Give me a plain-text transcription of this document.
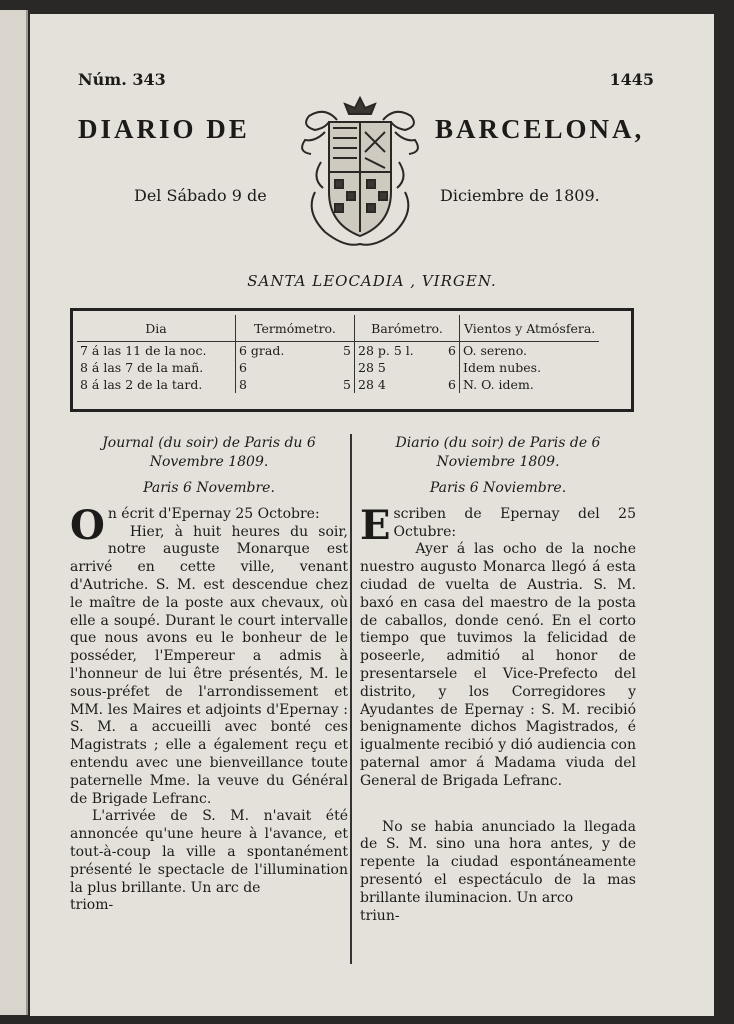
Núm. 343	1445
DIARIO DE	BARCELONA,
Del Sábado 9 de	Diciembre de 1809.
SANTA LEOCADIA , VIRGEN.
Dia	Termómetro.		Barómetro.		Vientos y Atmósfera.
7 á las 11 de la noc.	6 grad.	5	28 p. 5 l.	6	O. sereno.
8 á las 7 de la mañ.	6		28 5		Idem nubes.
8 á las 2 de la tard.	8	5	28 4	6	N. O. idem.
Journal (du soir) de Paris du 6 Novembre 1809.
Paris 6 Novembre.

On écrit d'Epernay 25 Octobre:

Hier, à huit heures du soir, notre auguste Monarque est arrivé en cette ville, venant d'Autriche. S. M. est descendue chez le maître de la poste aux chevaux, où elle a soupé. Durant le court intervalle que nous avons eu le bonheur de le posséder, l'Empereur a admis à l'honneur de lui être présentés, M. le sous-préfet de l'arrondissement et MM. les Maires et adjoints d'Epernay : S. M. a accueilli avec bonté ces Magistrats ; elle a également reçu et entendu avec une bienveillance toute paternelle Mme. la veuve du Général de Brigade Lefranc.

L'arrivée de S. M. n'avait été annoncée qu'une heure à l'avance, et tout-à-coup la ville a spontanément présenté le spectacle de l'illumination la plus brillante. Un arc de

triom-

Diario (du soir) de Paris de 6 Noviembre 1809.
Paris 6 Noviembre.

Escriben de Epernay del 25 Octubre:

Ayer á las ocho de la noche nuestro augusto Monarca llegó á esta ciudad de vuelta de Austria. S. M. baxó en casa del maestro de la posta de caballos, donde cenó. En el corto tiempo que tuvimos la felicidad de poseerle, admitió al honor de presentarsele el Vice-Prefecto del distrito, y los Corregidores y Ayudantes de Epernay : S. M. recibió benignamente dichos Magistrados, é igualmente recibió y dió audiencia con paternal amor á Madama viuda del General de Brigada Lefranc.

No se habia anunciado la llegada de S. M. sino una hora antes, y de repente la ciudad espontáneamente presentó el espectáculo de la mas brillante iluminacion. Un arco

triun-
